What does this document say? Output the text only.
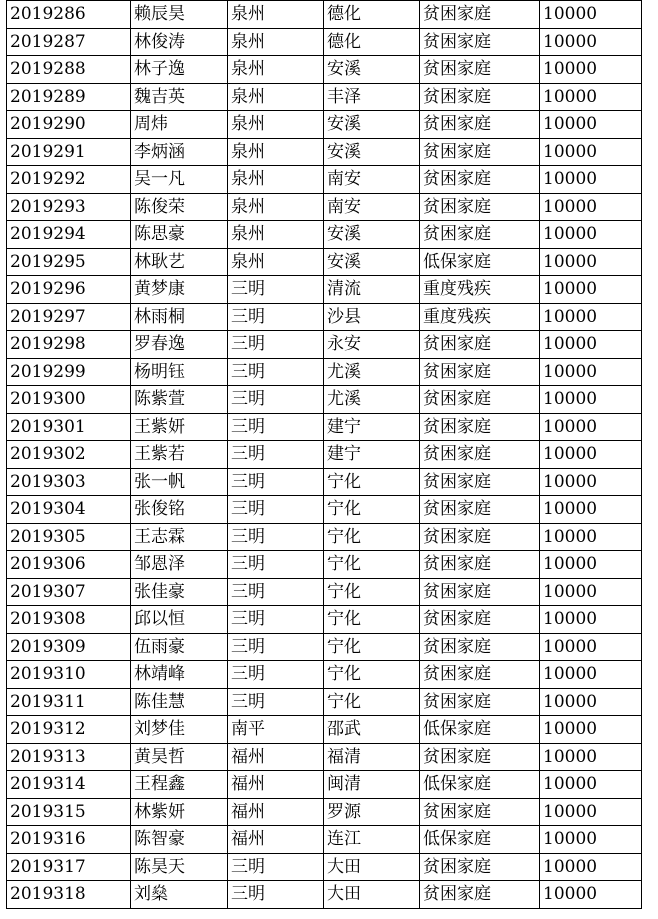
2019286	赖辰昊	泉州	德化	贫困家庭	10000
2019287	林俊涛	泉州	德化	贫困家庭	10000
2019288	林子逸	泉州	安溪	贫困家庭	10000
2019289	魏吉英	泉州	丰泽	贫困家庭	10000
2019290	周炜	泉州	安溪	贫困家庭	10000
2019291	李炳涵	泉州	安溪	贫困家庭	10000
2019292	吴一凡	泉州	南安	贫困家庭	10000
2019293	陈俊荣	泉州	南安	贫困家庭	10000
2019294	陈思豪	泉州	安溪	贫困家庭	10000
2019295	林耿艺	泉州	安溪	低保家庭	10000
2019296	黄梦康	三明	清流	重度残疾	10000
2019297	林雨桐	三明	沙县	重度残疾	10000
2019298	罗春逸	三明	永安	贫困家庭	10000
2019299	杨明钰	三明	尤溪	贫困家庭	10000
2019300	陈紫萱	三明	尤溪	贫困家庭	10000
2019301	王紫妍	三明	建宁	贫困家庭	10000
2019302	王紫若	三明	建宁	贫困家庭	10000
2019303	张一帆	三明	宁化	贫困家庭	10000
2019304	张俊铭	三明	宁化	贫困家庭	10000
2019305	王志霖	三明	宁化	贫困家庭	10000
2019306	邹恩泽	三明	宁化	贫困家庭	10000
2019307	张佳豪	三明	宁化	贫困家庭	10000
2019308	邱以恒	三明	宁化	贫困家庭	10000
2019309	伍雨豪	三明	宁化	贫困家庭	10000
2019310	林靖峰	三明	宁化	贫困家庭	10000
2019311	陈佳慧	三明	宁化	贫困家庭	10000
2019312	刘梦佳	南平	邵武	低保家庭	10000
2019313	黄昊哲	福州	福清	贫困家庭	10000
2019314	王程鑫	福州	闽清	低保家庭	10000
2019315	林紫妍	福州	罗源	贫困家庭	10000
2019316	陈智豪	福州	连江	低保家庭	10000
2019317	陈昊天	三明	大田	贫困家庭	10000
2019318	刘燊	三明	大田	贫困家庭	10000
